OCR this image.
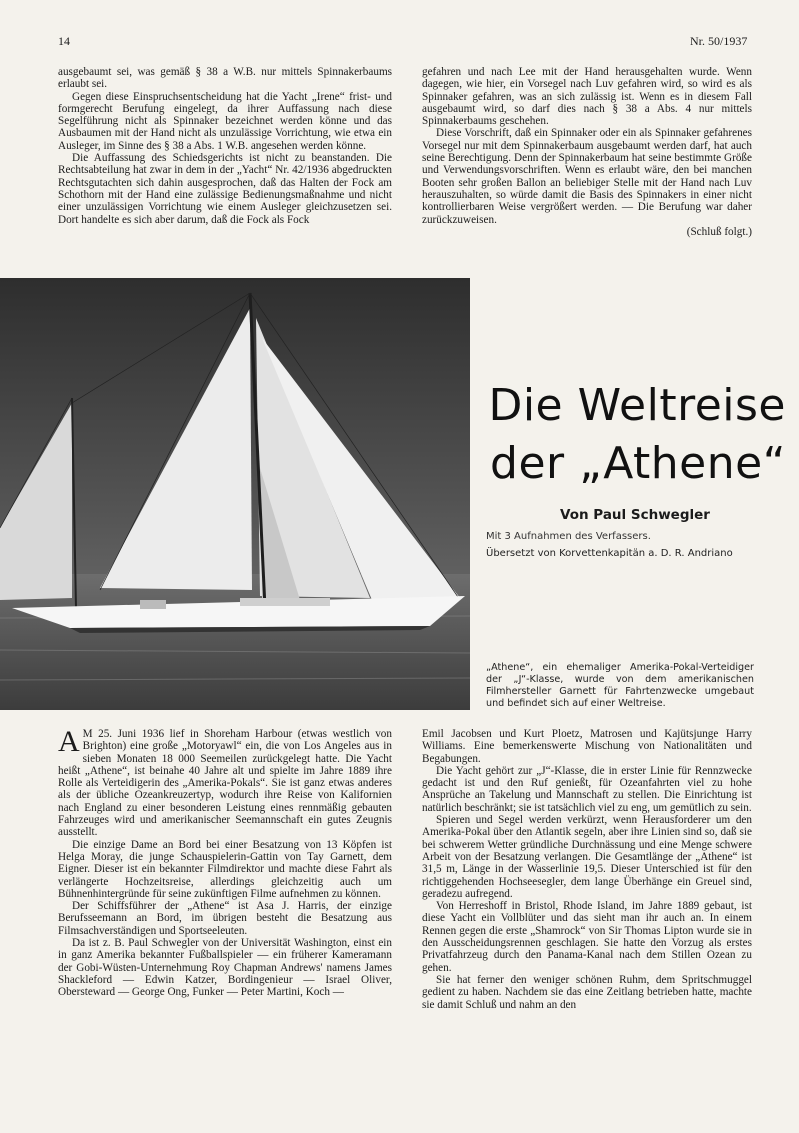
14	Nr. 50/1937

ausgebaumt sei, was gemäß § 38 a W.B. nur mittels Spinnakerbaums erlaubt sei.

Gegen diese Einspruchsentscheidung hat die Yacht „Irene“ frist- und formgerecht Berufung eingelegt, da ihrer Auffassung nach diese Segelführung nicht als Spinnaker bezeichnet werden könne und das Ausbaumen mit der Hand nicht als unzulässige Vorrichtung, wie etwa ein Ausleger, im Sinne des § 38 a Abs. 1 W.B. angesehen werden könne.

Die Auffassung des Schiedsgerichts ist nicht zu beanstanden. Die Rechtsabteilung hat zwar in dem in der „Yacht“ Nr. 42/1936 abgedruckten Rechtsgutachten sich dahin ausgesprochen, daß das Halten der Fock am Schothorn mit der Hand eine zulässige Bedienungsmaßnahme und nicht einer unzulässigen Vorrichtung wie einem Ausleger gleichzusetzen sei. Dort handelte es sich aber darum, daß die Fock als Fock

gefahren und nach Lee mit der Hand herausgehalten wurde. Wenn dagegen, wie hier, ein Vorsegel nach Luv gefahren wird, so wird es als Spinnaker gefahren, was an sich zulässig ist. Wenn es in diesem Fall ausgebaumt wird, so darf dies nach § 38 a Abs. 4 nur mittels Spinnakerbaums geschehen.

Diese Vorschrift, daß ein Spinnaker oder ein als Spinnaker gefahrenes Vorsegel nur mit dem Spinnakerbaum ausgebaumt werden darf, hat auch seine Berechtigung. Denn der Spinnakerbaum hat seine bestimmte Größe und Verwendungsvorschriften. Wenn es erlaubt wäre, den bei manchen Booten sehr großen Ballon an beliebiger Stelle mit der Hand nach Luv herauszuhalten, so würde damit die Basis des Spinnakers in einer nicht kontrollierbaren Weise vergrößert werden. — Die Berufung war daher zurückzuweisen.

(Schluß folgt.)

Die Weltreise
der „Athene“
Von Paul Schwegler
Mit 3 Aufnahmen des Verfassers.
Übersetzt von Korvettenkapitän a. D. R. Andriano
„Athene“, ein ehemaliger Amerika-Pokal-Verteidiger der „J“-Klasse, wurde von dem amerikanischen Filmhersteller Garnett für Fahrtenzwecke umgebaut und befindet sich auf einer Weltreise.

A M 25. Juni 1936 lief in Shoreham Harbour (etwas westlich von Brighton) eine große „Motoryawl“ ein, die von Los Angeles aus in sieben Monaten 18 000 Seemeilen zurückgelegt hatte. Die Yacht heißt „Athene“, ist beinahe 40 Jahre alt und spielte im Jahre 1889 ihre Rolle als Verteidigerin des „Amerika-Pokals“. Sie ist ganz etwas anderes als der übliche Ozeankreuzertyp, wodurch ihre Reise von Kalifornien nach England zu einer besonderen Leistung eines rennmäßig gebauten Fahrzeuges wird und amerikanischer Seemannschaft ein gutes Zeugnis ausstellt.

Die einzige Dame an Bord bei einer Besatzung von 13 Köpfen ist Helga Moray, die junge Schauspielerin-Gattin von Tay Garnett, dem Eigner. Dieser ist ein bekannter Filmdirektor und machte diese Fahrt als verlängerte Hochzeitsreise, allerdings gleichzeitig auch um Bühnenhintergründe für seine zukünftigen Filme aufnehmen zu können.

Der Schiffsführer der „Athene“ ist Asa J. Harris, der einzige Berufsseemann an Bord, im übrigen besteht die Besatzung aus Filmsachverständigen und Sportseeleuten.

Da ist z. B. Paul Schwegler von der Universität Washington, einst ein in ganz Amerika bekannter Fußballspieler — ein früherer Kameramann der Gobi-Wüsten-Unternehmung Roy Chapman Andrews' namens James Shackleford — Edwin Katzer, Bordingenieur — Israel Oliver, Obersteward — George Ong, Funker — Peter Martini, Koch —

Emil Jacobsen und Kurt Ploetz, Matrosen und Kajütsjunge Harry Williams. Eine bemerkenswerte Mischung von Nationalitäten und Begabungen.

Die Yacht gehört zur „J“-Klasse, die in erster Linie für Rennzwecke gedacht ist und den Ruf genießt, für Ozeanfahrten viel zu hohe Ansprüche an Takelung und Mannschaft zu stellen. Die Einrichtung ist natürlich beschränkt; sie ist tatsächlich viel zu eng, um gemütlich zu sein.

Spieren und Segel werden verkürzt, wenn Herausforderer um den Amerika-Pokal über den Atlantik segeln, aber ihre Linien sind so, daß sie bei schwerem Wetter gründliche Durchnässung und eine Menge schwere Arbeit von der Besatzung verlangen. Die Gesamtlänge der „Athene“ ist 31,5 m, Länge in der Wasserlinie 19,5. Dieser Unterschied ist für den richtiggehenden Hochseesegler, dem lange Überhänge ein Greuel sind, geradezu aufregend.

Von Herreshoff in Bristol, Rhode Island, im Jahre 1889 gebaut, ist diese Yacht ein Vollblüter und das sieht man ihr auch an. In einem Rennen gegen die erste „Shamrock“ von Sir Thomas Lipton wurde sie in den Ausscheidungsrennen geschlagen. Sie hatte den Vorzug als erstes Privatfahrzeug durch den Panama-Kanal nach dem Stillen Ozean zu gehen.

Sie hat ferner den weniger schönen Ruhm, dem Spritschmuggel gedient zu haben. Nachdem sie das eine Zeitlang betrieben hatte, machte sie damit Schluß und nahm an den
